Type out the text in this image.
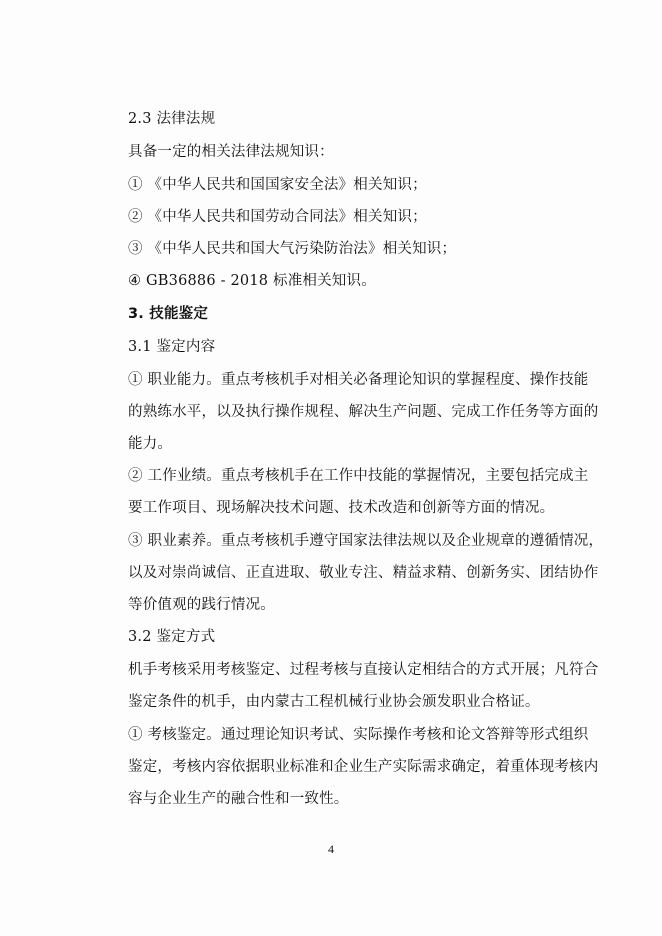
2.3 法律法规
具备一定的相关法律法规知识：
① 《中华人民共和国国家安全法》相关知识；
② 《中华人民共和国劳动合同法》相关知识；
③ 《中华人民共和国大气污染防治法》相关知识；
④ GB36886 - 2018 标准相关知识。
3. 技能鉴定
3.1 鉴定内容
① 职业能力。重点考核机手对相关必备理论知识的掌握程度、操作技能
的熟练水平，以及执行操作规程、解决生产问题、完成工作任务等方面的
能力。
② 工作业绩。重点考核机手在工作中技能的掌握情况，主要包括完成主
要工作项目、现场解决技术问题、技术改造和创新等方面的情况。
③ 职业素养。重点考核机手遵守国家法律法规以及企业规章的遵循情况，
以及对崇尚诚信、正直进取、敬业专注、精益求精、创新务实、团结协作
等价值观的践行情况。
3.2 鉴定方式
机手考核采用考核鉴定、过程考核与直接认定相结合的方式开展；凡符合
鉴定条件的机手，由内蒙古工程机械行业协会颁发职业合格证。
① 考核鉴定。通过理论知识考试、实际操作考核和论文答辩等形式组织
鉴定，考核内容依据职业标准和企业生产实际需求确定，着重体现考核内
容与企业生产的融合性和一致性。
4
